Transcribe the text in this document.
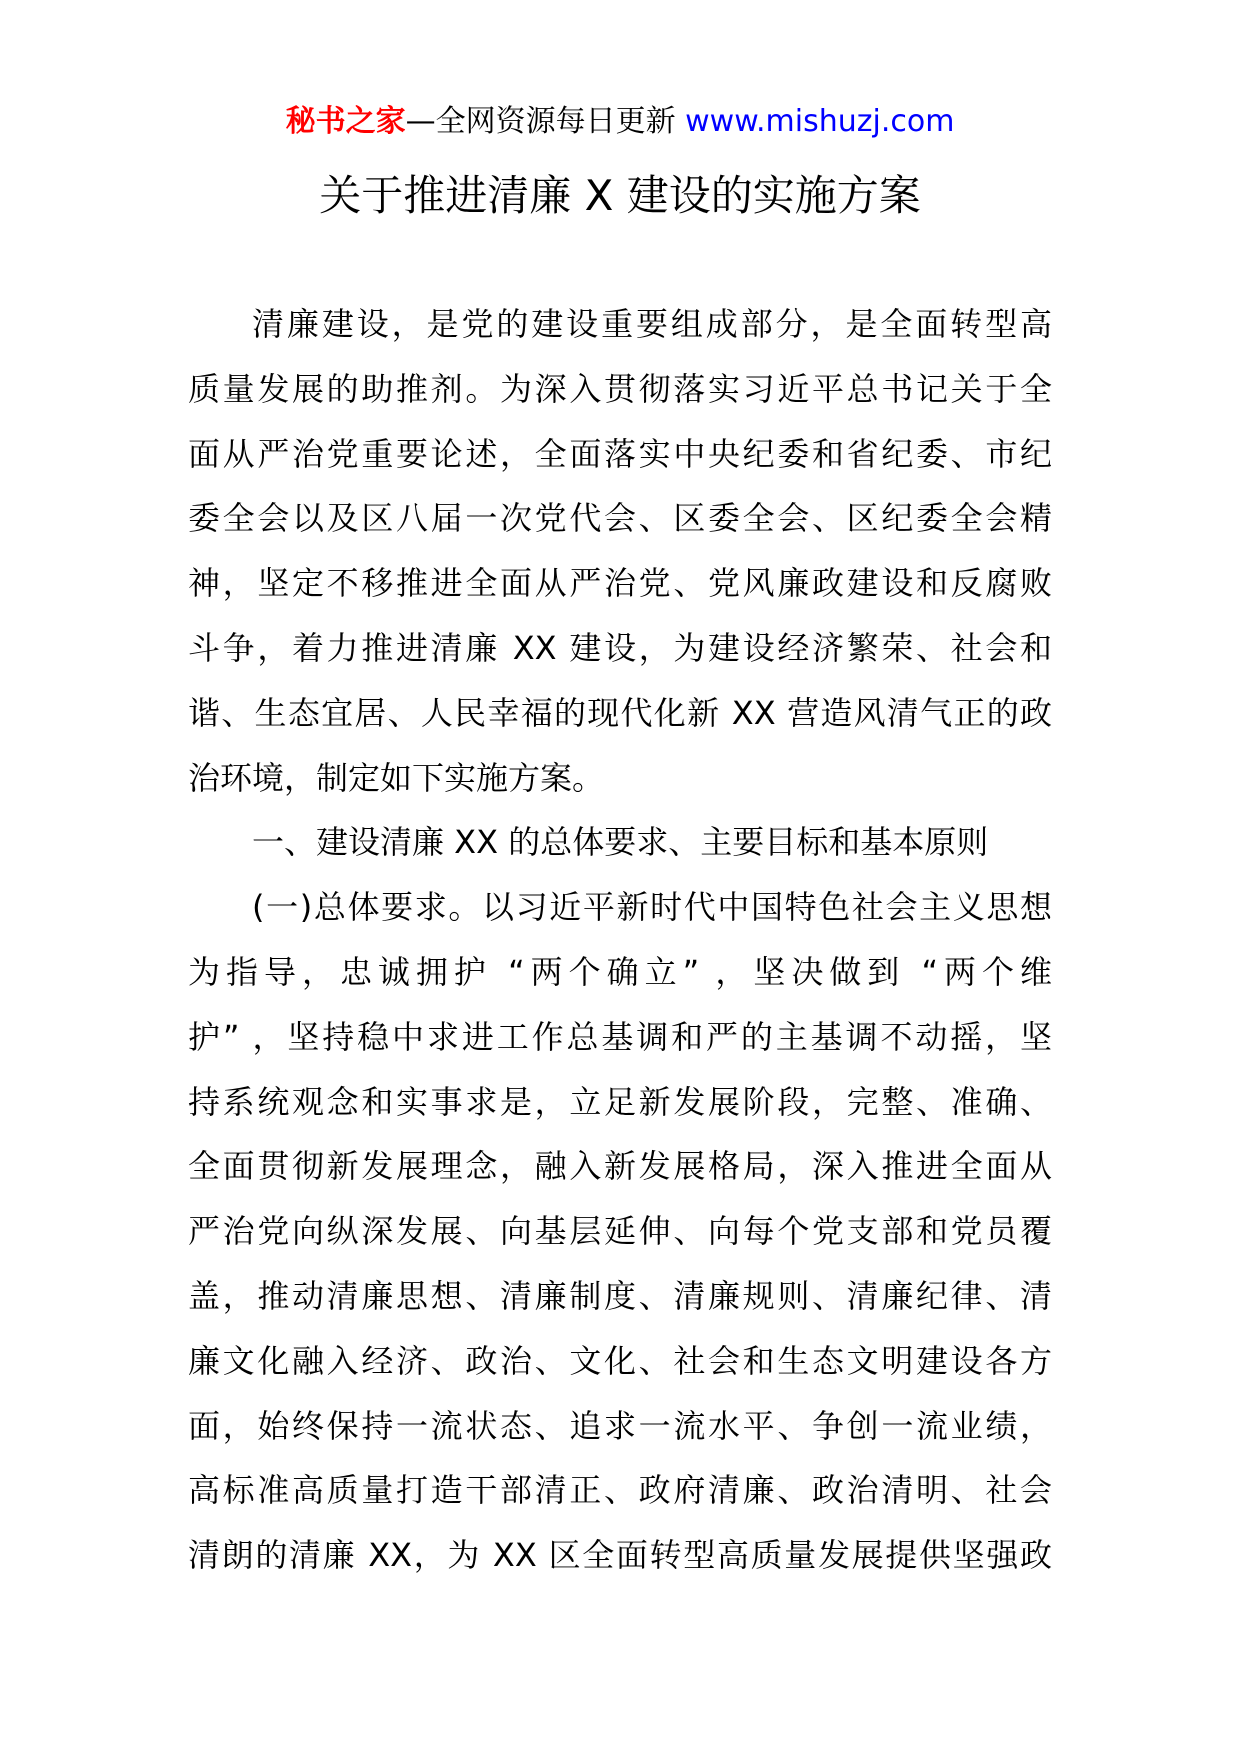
秘书之家—全网资源每日更新 www.mishuzj.com
关于推进清廉 X 建设的实施方案
清廉建设，是党的建设重要组成部分，是全面转型高
质量发展的助推剂。为深入贯彻落实习近平总书记关于全
面从严治党重要论述，全面落实中央纪委和省纪委、市纪
委全会以及区八届一次党代会、区委全会、区纪委全会精
神，坚定不移推进全面从严治党、党风廉政建设和反腐败
斗争，着力推进清廉 XX 建设，为建设经济繁荣、社会和
谐、生态宜居、人民幸福的现代化新 XX 营造风清气正的政
治环境，制定如下实施方案。
一、建设清廉 XX 的总体要求、主要目标和基本原则
(一)总体要求。以习近平新时代中国特色社会主义思想
为指导，忠诚拥护 “两个确立” ，坚决做到 “两个维
护” ，坚持稳中求进工作总基调和严的主基调不动摇，坚
持系统观念和实事求是，立足新发展阶段，完整、准确、
全面贯彻新发展理念，融入新发展格局，深入推进全面从
严治党向纵深发展、向基层延伸、向每个党支部和党员覆
盖，推动清廉思想、清廉制度、清廉规则、清廉纪律、清
廉文化融入经济、政治、文化、社会和生态文明建设各方
面，始终保持一流状态、追求一流水平、争创一流业绩，
高标准高质量打造干部清正、政府清廉、政治清明、社会
清朗的清廉 XX，为 XX 区全面转型高质量发展提供坚强政
